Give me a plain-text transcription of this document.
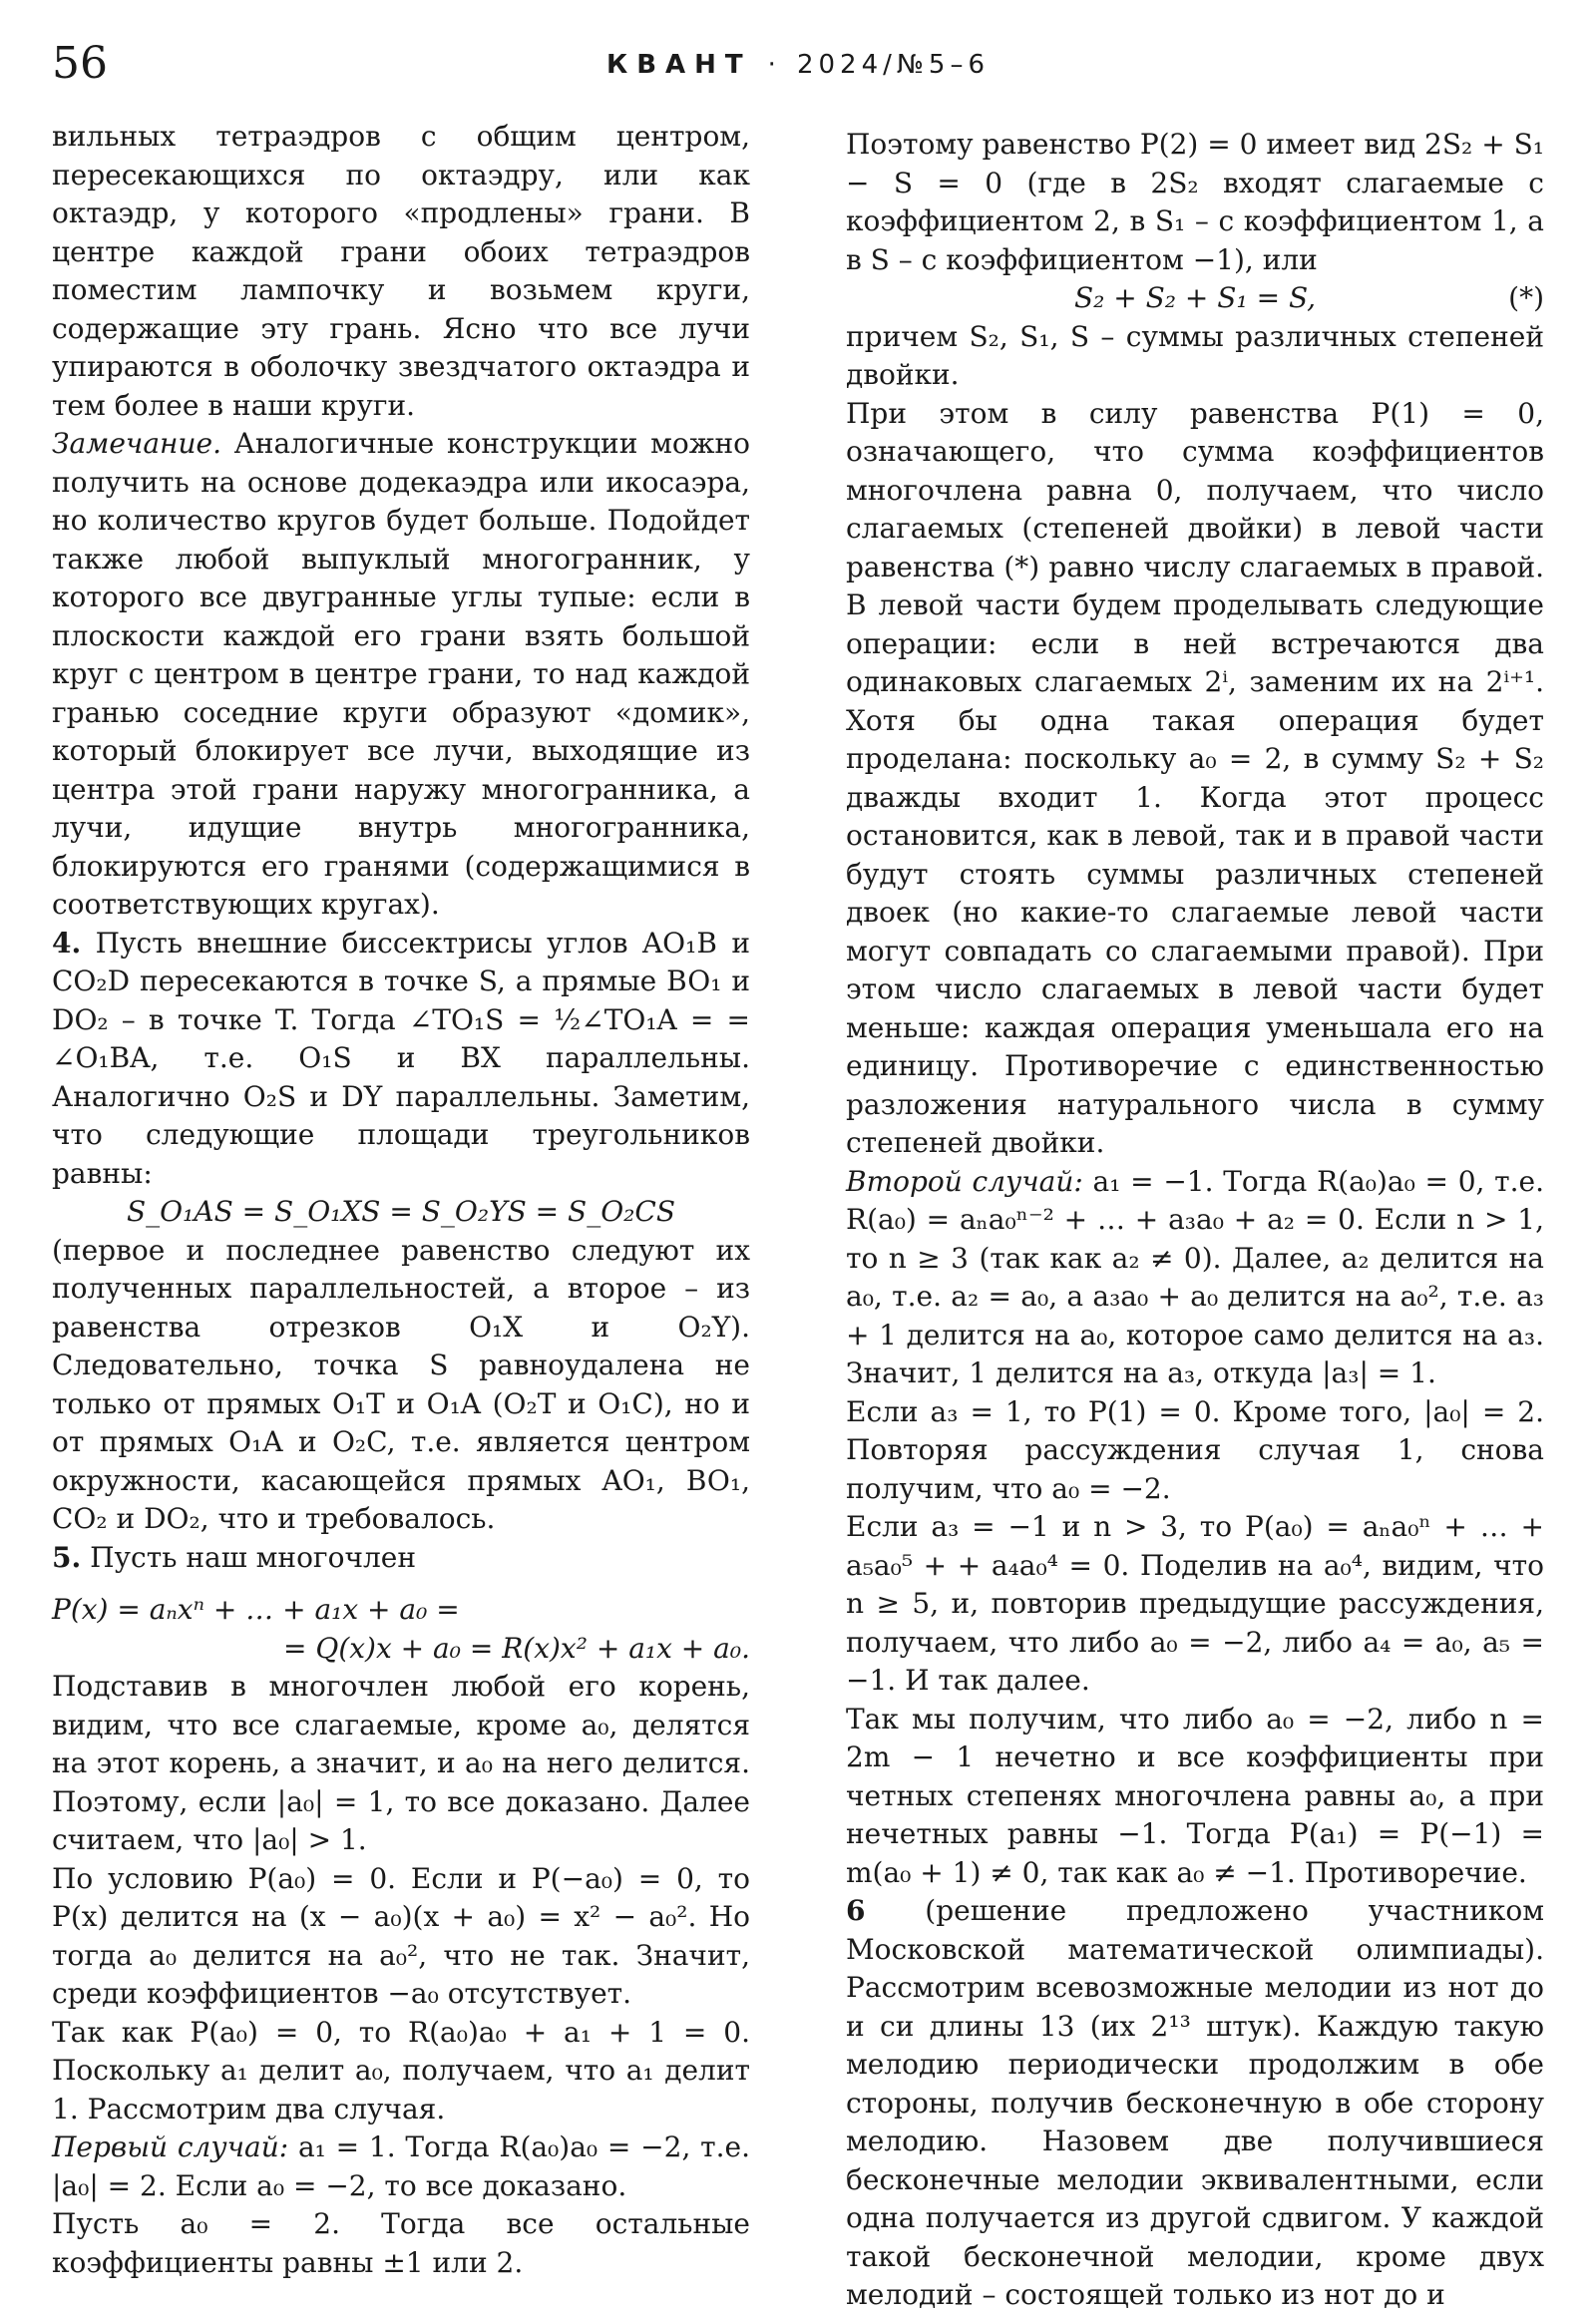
56	КВАНТ · 2024/№5–6

вильных тетраэдров с общим центром, пересекающихся по октаэдру, или как октаэдр, у которого «продлены» грани. В центре каждой грани обоих тетраэдров поместим лампочку и возьмем круги, содержащие эту грань. Ясно что все лучи упираются в оболочку звездчатого октаэдра и тем более в наши круги.

Замечание. Аналогичные конструкции можно получить на основе додекаэдра или икосаэра, но количество кругов будет больше. Подойдет также любой выпуклый многогранник, у которого все двугранные углы тупые: если в плоскости каждой его грани взять большой круг с центром в центре грани, то над каждой гранью соседние круги образуют «домик», который блокирует все лучи, выходящие из центра этой грани наружу многогранника, а лучи, идущие внутрь многогранника, блокируются его гранями (содержащимися в соответствующих кругах).

4. Пусть внешние биссектрисы углов AO₁B и CO₂D пересекаются в точке S, а прямые BO₁ и DO₂ – в точке T. Тогда ∠TO₁S = ½∠TO₁A = = ∠O₁BA, т.е. O₁S и BX параллельны. Аналогично O₂S и DY параллельны. Заметим, что следующие площади треугольников равны:

S_O₁AS = S_O₁XS = S_O₂YS = S_O₂CS

(первое и последнее равенство следуют их полученных параллельностей, а второе – из равенства отрезков O₁X и O₂Y). Следовательно, точка S равноудалена не только от прямых O₁T и O₁A (O₂T и O₁C), но и от прямых O₁A и O₂C, т.е. является центром окружности, касающейся прямых AO₁, BO₁, CO₂ и DO₂, что и требовалось.

5. Пусть наш многочлен

P(x) = aₙxⁿ + … + a₁x + a₀ =

= Q(x)x + a₀ = R(x)x² + a₁x + a₀.

Подставив в многочлен любой его корень, видим, что все слагаемые, кроме a₀, делятся на этот корень, а значит, и a₀ на него делится. Поэтому, если |a₀| = 1, то все доказано. Далее считаем, что |a₀| > 1.

По условию P(a₀) = 0. Если и P(−a₀) = 0, то P(x) делится на (x − a₀)(x + a₀) = x² − a₀². Но тогда a₀ делится на a₀², что не так. Значит, среди коэффициентов −a₀ отсутствует.

Так как P(a₀) = 0, то R(a₀)a₀ + a₁ + 1 = 0. Поскольку a₁ делит a₀, получаем, что a₁ делит 1. Рассмотрим два случая.

Первый случай: a₁ = 1. Тогда R(a₀)a₀ = −2, т.е. |a₀| = 2. Если a₀ = −2, то все доказано.

Пусть a₀ = 2. Тогда все остальные коэффициенты равны ±1 или 2.

Поэтому равенство P(2) = 0 имеет вид 2S₂ + S₁ − S = 0 (где в 2S₂ входят слагаемые с коэффициентом 2, в S₁ – с коэффициентом 1, а в S – с коэффициентом −1), или

S₂ + S₂ + S₁ = S,	(*)

причем S₂, S₁, S – суммы различных степеней двойки.

При этом в силу равенства P(1) = 0, означающего, что сумма коэффициентов многочлена равна 0, получаем, что число слагаемых (степеней двойки) в левой части равенства (*) равно числу слагаемых в правой. В левой части будем проделывать следующие операции: если в ней встречаются два одинаковых слагаемых 2ⁱ, заменим их на 2ⁱ⁺¹. Хотя бы одна такая операция будет проделана: поскольку a₀ = 2, в сумму S₂ + S₂ дважды входит 1. Когда этот процесс остановится, как в левой, так и в правой части будут стоять суммы различных степеней двоек (но какие-то слагаемые левой части могут совпадать со слагаемыми правой). При этом число слагаемых в левой части будет меньше: каждая операция уменьшала его на единицу. Противоречие с единственностью разложения натурального числа в сумму степеней двойки.

Второй случай: a₁ = −1. Тогда R(a₀)a₀ = 0, т.е. R(a₀) = aₙa₀ⁿ⁻² + … + a₃a₀ + a₂ = 0. Если n > 1, то n ≥ 3 (так как a₂ ≠ 0). Далее, a₂ делится на a₀, т.е. a₂ = a₀, а a₃a₀ + a₀ делится на a₀², т.е. a₃ + 1 делится на a₀, которое само делится на a₃. Значит, 1 делится на a₃, откуда |a₃| = 1.

Если a₃ = 1, то P(1) = 0. Кроме того, |a₀| = 2. Повторяя рассуждения случая 1, снова получим, что a₀ = −2.

Если a₃ = −1 и n > 3, то P(a₀) = aₙa₀ⁿ + … + a₅a₀⁵ + + a₄a₀⁴ = 0. Поделив на a₀⁴, видим, что n ≥ 5, и, повторив предыдущие рассуждения, получаем, что либо a₀ = −2, либо a₄ = a₀, a₅ = −1. И так далее.

Так мы получим, что либо a₀ = −2, либо n = 2m − 1 нечетно и все коэффициенты при четных степенях многочлена равны a₀, а при нечетных равны −1. Тогда P(a₁) = P(−1) = m(a₀ + 1) ≠ 0, так как a₀ ≠ −1. Противоречие.

6 (решение предложено участником Московской математической олимпиады). Рассмотрим всевозможные мелодии из нот до и си длины 13 (их 2¹³ штук). Каждую такую мелодию периодически продолжим в обе стороны, получив бесконечную в обе сторону мелодию. Назовем две получившиеся бесконечные мелодии эквивалентными, если одна получается из другой сдвигом. У каждой такой бесконечной мелодии, кроме двух мелодий – состоящей только из нот до и
